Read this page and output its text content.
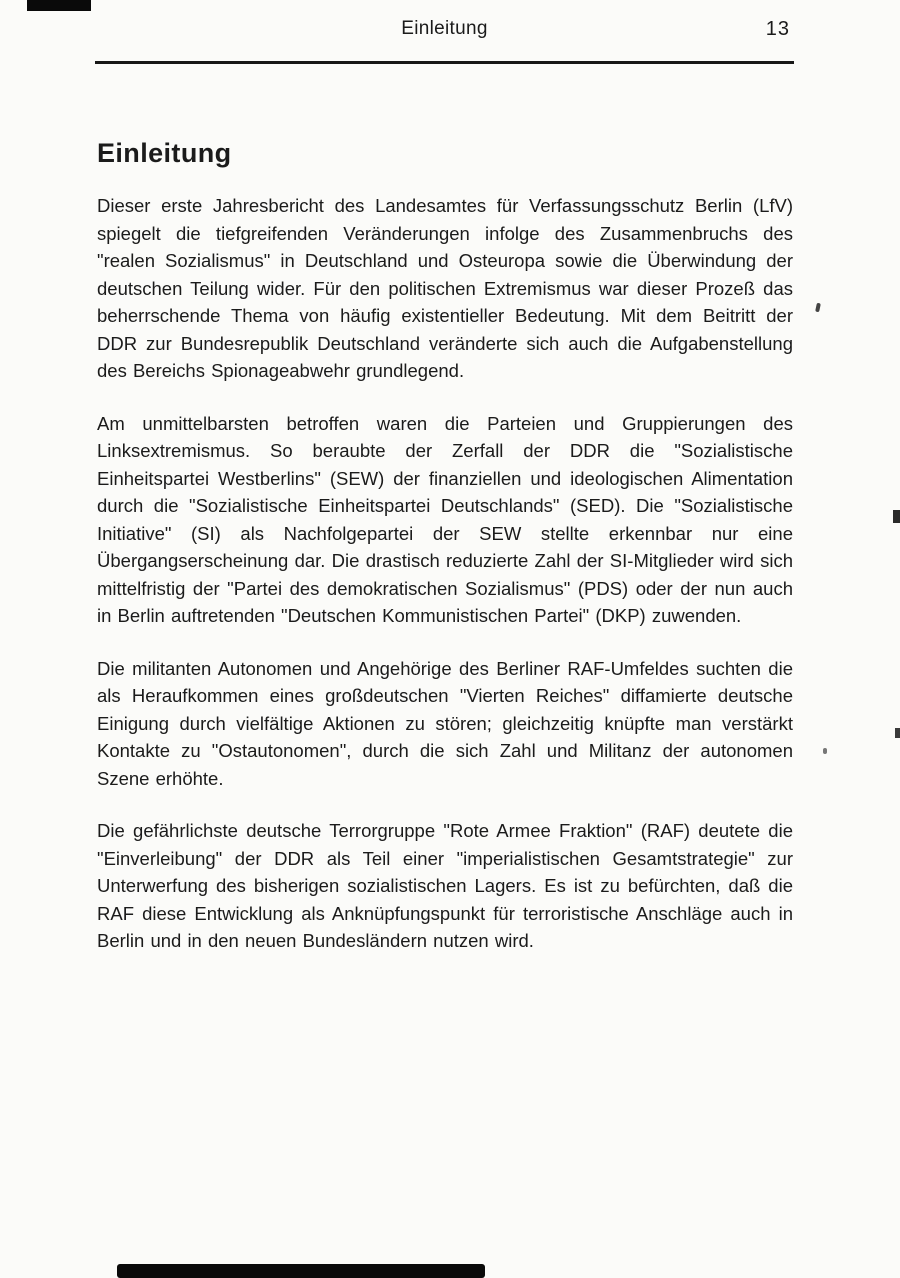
Einleitung	13
Einleitung

Dieser erste Jahresbericht des Landesamtes für Verfassungsschutz Berlin (LfV) spiegelt die tiefgreifenden Veränderungen infolge des Zusammenbruchs des "realen Sozialismus" in Deutschland und Osteuropa sowie die Überwindung der deutschen Teilung wider. Für den politischen Extremismus war dieser Prozeß das beherrschende Thema von häufig existentieller Bedeutung. Mit dem Beitritt der DDR zur Bundesrepublik Deutschland veränderte sich auch die Aufgabenstellung des Bereichs Spionageabwehr grundlegend.

Am unmittelbarsten betroffen waren die Parteien und Gruppierungen des Linksextremismus. So beraubte der Zerfall der DDR die "Sozialistische Einheitspartei Westberlins" (SEW) der finanziellen und ideologischen Alimentation durch die "Sozialistische Einheitspartei Deutschlands" (SED). Die "Sozialistische Initiative" (SI) als Nachfolgepartei der SEW stellte erkennbar nur eine Übergangserscheinung dar. Die drastisch reduzierte Zahl der SI-Mitglieder wird sich mittelfristig der "Partei des demokratischen Sozialismus" (PDS) oder der nun auch in Berlin auftretenden "Deutschen Kommunistischen Partei" (DKP) zuwenden.

Die militanten Autonomen und Angehörige des Berliner RAF-Umfeldes suchten die als Heraufkommen eines großdeutschen "Vierten Reiches" diffamierte deutsche Einigung durch vielfältige Aktionen zu stören; gleichzeitig knüpfte man verstärkt Kontakte zu "Ostautonomen", durch die sich Zahl und Militanz der autonomen Szene erhöhte.

Die gefährlichste deutsche Terrorgruppe "Rote Armee Fraktion" (RAF) deutete die "Einverleibung" der DDR als Teil einer "imperialistischen Gesamtstrategie" zur Unterwerfung des bisherigen sozialistischen Lagers. Es ist zu befürchten, daß die RAF diese Entwicklung als Anknüpfungspunkt für terroristische Anschläge auch in Berlin und in den neuen Bundesländern nutzen wird.
